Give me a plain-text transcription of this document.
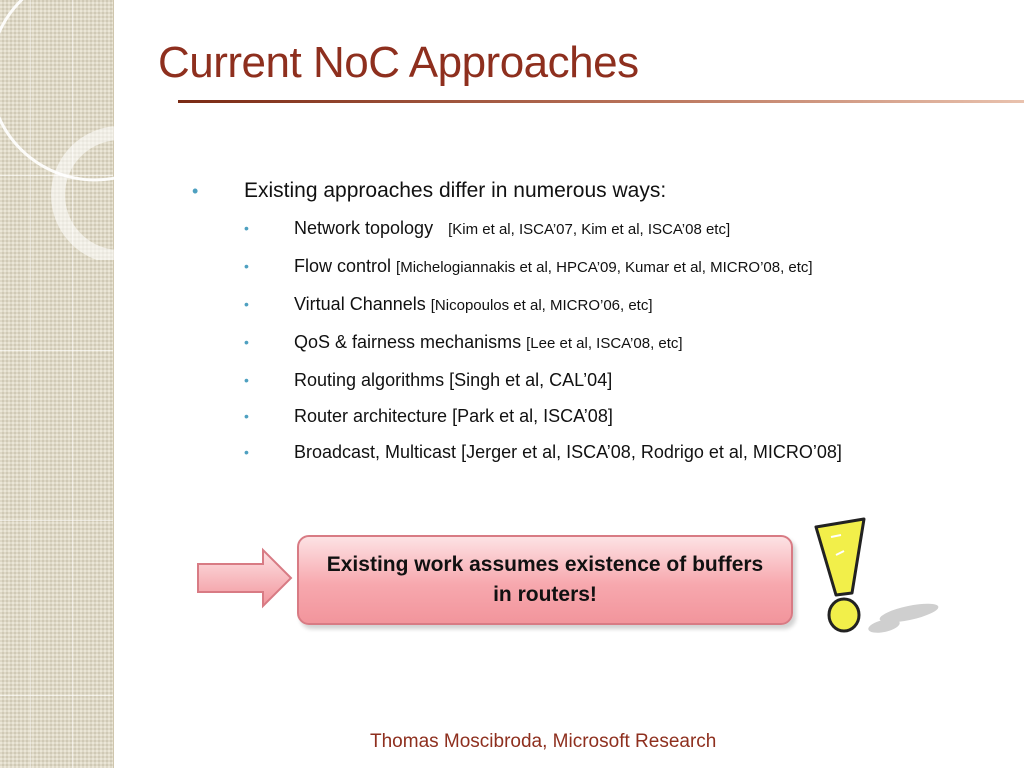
Current NoC Approaches
• Existing approaches differ in numerous ways:
•	Network topology [Kim et al, ISCA’07, Kim et al, ISCA’08 etc]
•	Flow control [Michelogiannakis et al, HPCA’09, Kumar et al, MICRO’08, etc]
•	Virtual Channels [Nicopoulos et al, MICRO’06, etc]
•	QoS & fairness mechanisms [Lee et al, ISCA’08, etc]
•	Routing algorithms [Singh et al, CAL’04]
•	Router architecture [Park et al, ISCA’08]
•	Broadcast, Multicast [Jerger et al, ISCA’08, Rodrigo et al, MICRO’08]
Existing work assumes existence of buffers in routers!
Thomas Moscibroda, Microsoft Research
